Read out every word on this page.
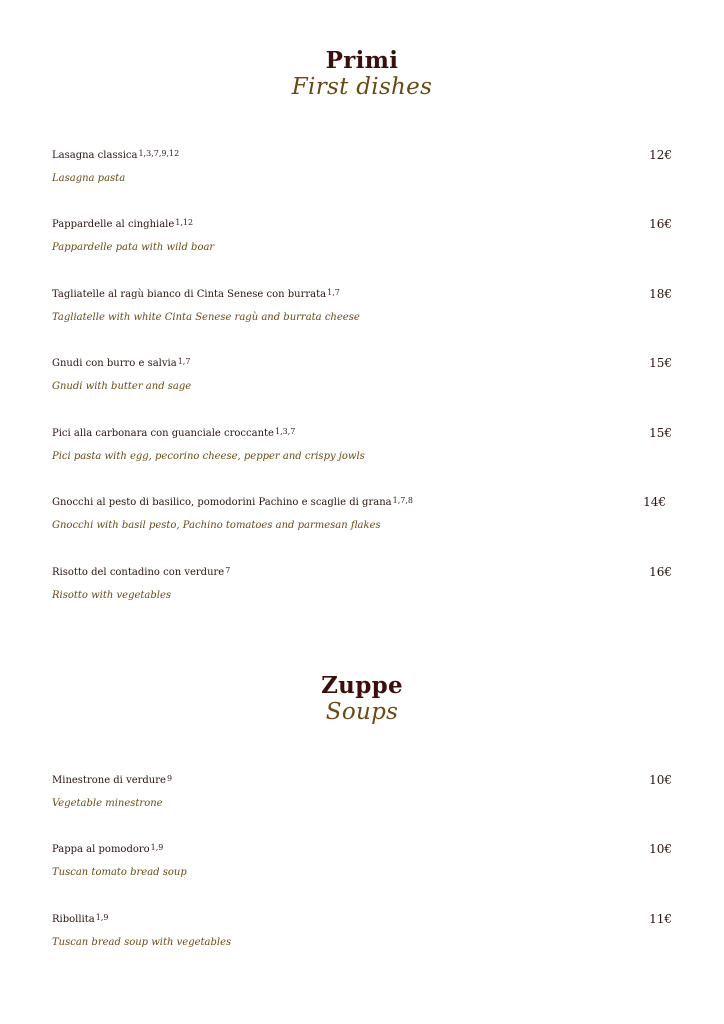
Primi
First dishes
Lasagna classica$^{1,3,7,9,12}$
Lasagna pasta
12€
Pappardelle al cinghiale$^{1,12}$
Pappardelle pata with wild boar
16€
Tagliatelle al ragù bianco di Cinta Senese con burrata$^{1,7}$
Tagliatelle with white Cinta Senese ragù and burrata cheese
18€
Gnudi con burro e salvia$^{1,7}$
Gnudi with butter and sage
15€
Pici alla carbonara con guanciale croccante$^{1,3,7}$
Pici pasta with egg, pecorino cheese, pepper and crispy jowls
15€
Gnocchi al pesto di basilico, pomodorini Pachino e scaglie di grana$^{1,7,8}$
Gnocchi with basil pesto, Pachino tomatoes and parmesan flakes
14€
Risotto del contadino con verdure$^7$
Risotto with vegetables
16€
Zuppe
Soups
Minestrone di verdure$^9$
Vegetable minestrone
10€
Pappa al pomodoro$^{1,9}$
Tuscan tomato bread soup
10€
Ribollita$^{1,9}$
Tuscan bread soup with vegetables
11€
